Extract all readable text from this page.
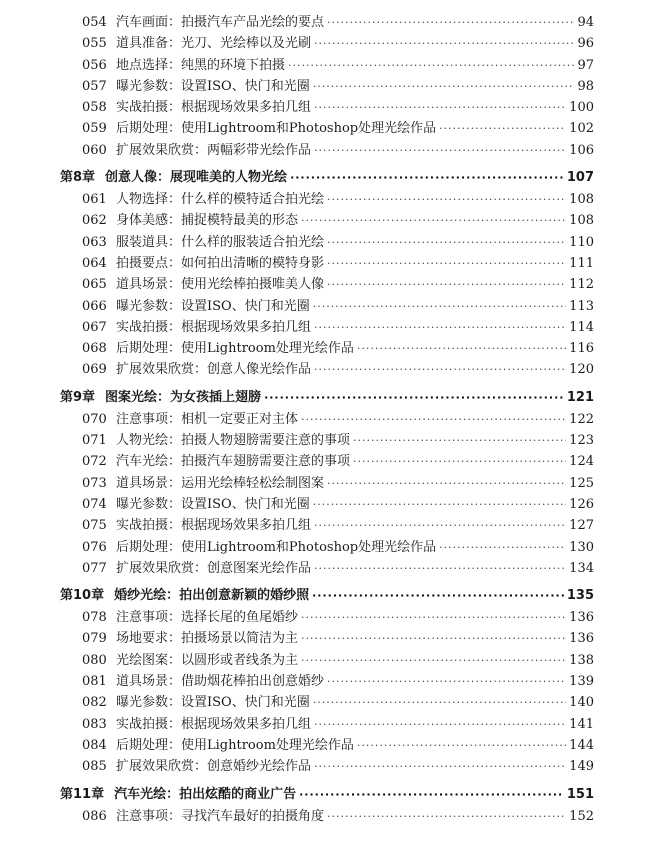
054 汽车画面：拍摄汽车产品光绘的要点 ·····	94
055 道具准备：光刀、光绘棒以及光刷 ·····	96
056 地点选择：纯黑的环境下拍摄 ·····	97
057 曝光参数：设置ISO、快门和光圈 ·····	98
058 实战拍摄：根据现场效果多拍几组 ·····	100
059 后期处理：使用Lightroom和Photoshop处理光绘作品 ·····	102
060 扩展效果欣赏：两幅彩带光绘作品 ·····	106
第8章 创意人像：展现唯美的人物光绘 ·····	107
061 人物选择：什么样的模特适合拍光绘 ·····	108
062 身体美感：捕捉模特最美的形态 ·····	108
063 服装道具：什么样的服装适合拍光绘 ·····	110
064 拍摄要点：如何拍出清晰的模特身影 ·····	111
065 道具场景：使用光绘棒拍摄唯美人像 ·····	112
066 曝光参数：设置ISO、快门和光圈 ·····	113
067 实战拍摄：根据现场效果多拍几组 ·····	114
068 后期处理：使用Lightroom处理光绘作品 ·····	116
069 扩展效果欣赏：创意人像光绘作品 ·····	120
第9章 图案光绘：为女孩插上翅膀 ·····	121
070 注意事项：相机一定要正对主体 ·····	122
071 人物光绘：拍摄人物翅膀需要注意的事项 ·····	123
072 汽车光绘：拍摄汽车翅膀需要注意的事项 ·····	124
073 道具场景：运用光绘棒轻松绘制图案 ·····	125
074 曝光参数：设置ISO、快门和光圈 ·····	126
075 实战拍摄：根据现场效果多拍几组 ·····	127
076 后期处理：使用Lightroom和Photoshop处理光绘作品 ·····	130
077 扩展效果欣赏：创意图案光绘作品 ·····	134
第10章 婚纱光绘：拍出创意新颖的婚纱照 ·····	135
078 注意事项：选择长尾的鱼尾婚纱 ·····	136
079 场地要求：拍摄场景以简洁为主 ·····	136
080 光绘图案：以圆形或者线条为主 ·····	138
081 道具场景：借助烟花棒拍出创意婚纱 ·····	139
082 曝光参数：设置ISO、快门和光圈 ·····	140
083 实战拍摄：根据现场效果多拍几组 ·····	141
084 后期处理：使用Lightroom处理光绘作品 ·····	144
085 扩展效果欣赏：创意婚纱光绘作品 ·····	149
第11章 汽车光绘：拍出炫酷的商业广告 ·····	151
086 注意事项：寻找汽车最好的拍摄角度 ·····	152
